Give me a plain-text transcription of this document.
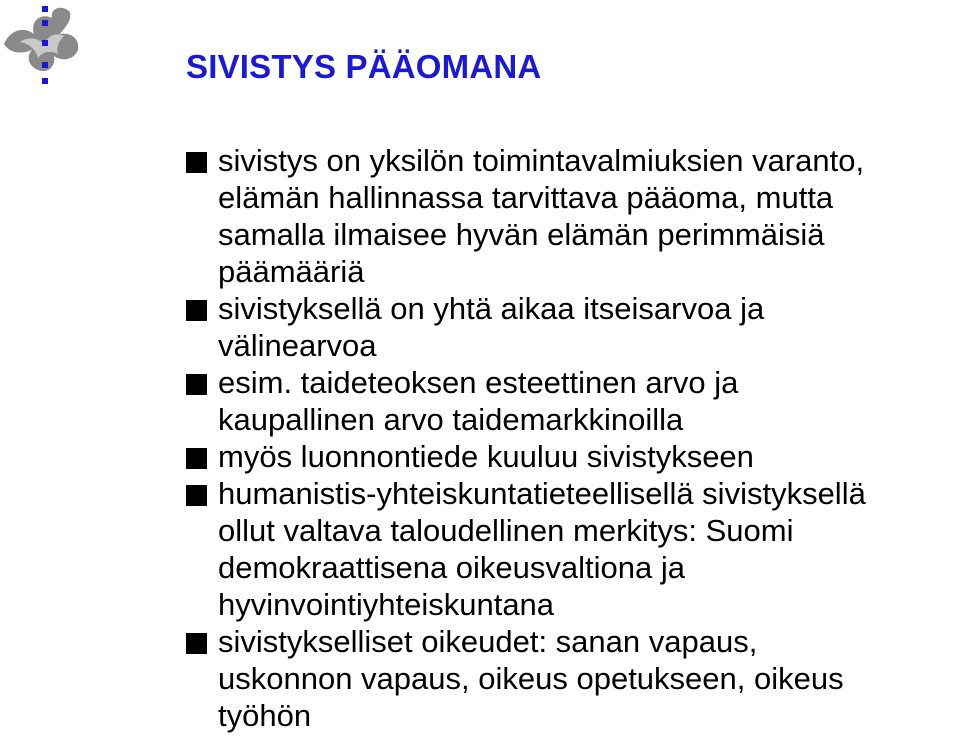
SIVISTYS PÄÄOMANA
sivistys on yksilön toimintavalmiuksien varanto,
elämän hallinnassa tarvittava pääoma, mutta
samalla ilmaisee hyvän elämän perimmäisiä
päämääriä
sivistyksellä on yhtä aikaa itseisarvoa ja
välinearvoa
esim. taideteoksen esteettinen arvo ja
kaupallinen arvo taidemarkkinoilla
myös luonnontiede kuuluu sivistykseen
humanistis-yhteiskuntatieteellisellä sivistyksellä
ollut valtava taloudellinen merkitys: Suomi
demokraattisena oikeusvaltiona ja
hyvinvointiyhteiskuntana
sivistykselliset oikeudet: sanan vapaus,
uskonnon vapaus, oikeus opetukseen, oikeus
työhön
